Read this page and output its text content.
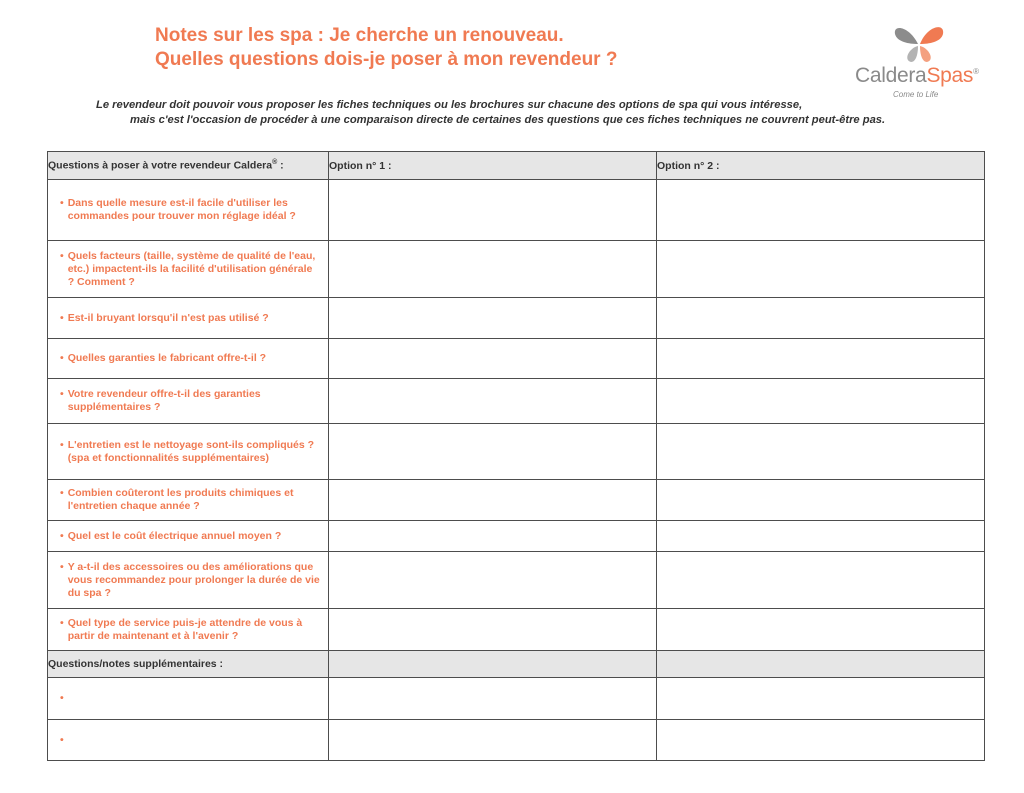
Notes sur les spa : Je cherche un renouveau.
Quelles questions dois-je poser à mon revendeur ?
CalderaSpas®
Come to Life
Le revendeur doit pouvoir vous proposer les fiches techniques ou les brochures sur chacune des options de spa qui vous intéresse,
mais c'est l'occasion de procéder à une comparaison directe de certaines des questions que ces fiches techniques ne couvrent peut-être pas.
Questions à poser à votre revendeur Caldera® :	Option n° 1 :	Option n° 2 :

• Dans quelle mesure est-il facile d'utiliser les commandes pour trouver mon réglage idéal ?		

• Quels facteurs (taille, système de qualité de l'eau, etc.) impactent-ils la facilité d'utilisation générale ? Comment ?		

• Est-il bruyant lorsqu'il n'est pas utilisé ?		

• Quelles garanties le fabricant offre-t-il ?		

• Votre revendeur offre-t-il des garanties supplémentaires ?		

• L'entretien est le nettoyage sont-ils compliqués ? (spa et fonctionnalités supplémentaires)		

• Combien coûteront les produits chimiques et l'entretien chaque année ?		

• Quel est le coût électrique annuel moyen ?		

• Y a-t-il des accessoires ou des améliorations que vous recommandez pour prolonger la durée de vie du spa ?		

• Quel type de service puis-je attendre de vous à partir de maintenant et à l'avenir ?		

Questions/notes supplémentaires :		

•		

•		
